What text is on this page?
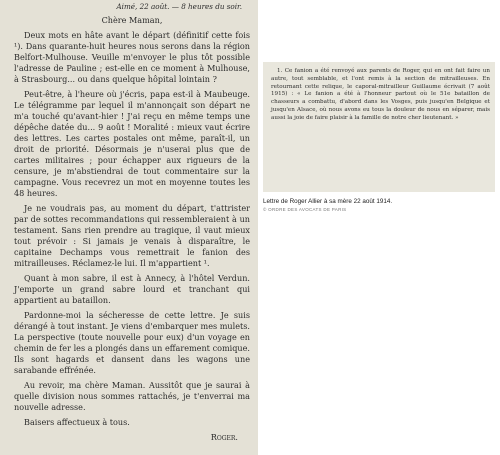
Aimé, 22 août. — 8 heures du soir.
Chère Maman,

Deux mots en hâte avant le départ (définitif cette fois ¹). Dans quarante-huit heures nous serons dans la région Belfort-Mulhouse. Veuille m'envoyer le plus tôt possible l'adresse de Pauline ; est-elle en ce moment à Mulhouse, à Strasbourg... ou dans quelque hôpital lointain ?

Peut-être, à l'heure où j'écris, papa est-il à Maubeuge. Le télégramme par lequel il m'annonçait son départ ne m'a touché qu'avant-hier ! J'ai reçu en même temps une dépêche datée du... 9 août ! Moralité : mieux vaut écrire des lettres. Les cartes postales ont même, paraît-il, un droit de priorité. Désormais je n'userai plus que de cartes militaires ; pour échapper aux rigueurs de la censure, je m'abstiendrai de tout commentaire sur la campagne. Vous recevrez un mot en moyenne toutes les 48 heures.

Je ne voudrais pas, au moment du départ, t'attrister par de sottes recommandations qui ressembleraient à un testament. Sans rien prendre au tragique, il vaut mieux tout prévoir : Si jamais je venais à disparaître, le capitaine Dechamps vous remettrait le fanion des mitrailleuses. Réclamez-le lui. Il m'appartient ¹.

Quant à mon sabre, il est à Annecy, à l'hôtel Verdun. J'emporte un grand sabre lourd et tranchant qui appartient au bataillon.

Pardonne-moi la sécheresse de cette lettre. Je suis dérangé à tout instant. Je viens d'embarquer mes mulets. La perspective (toute nouvelle pour eux) d'un voyage en chemin de fer les a plongés dans un effarement comique. Ils sont hagards et dansent dans les wagons une sarabande effrénée.

Au revoir, ma chère Maman. Aussitôt que je saurai à quelle division nous sommes rattachés, je t'enverrai ma nouvelle adresse.

Baisers affectueux à tous.

Roger.

1. Ce fanion a été renvoyé aux parents de Roger, qui en ont fait faire un autre, tout semblable, et l'ont remis à la section de mitrailleuses. En retournant cette relique, le caporal-mitrailleur Guillaume écrivait (7 août 1915) : « Le fanion a été à l'honneur partout où le 51e bataillon de chasseurs a combattu, d'abord dans les Vosges, puis jusqu'en Belgique et jusqu'en Alsace, où nous avons eu tous la douleur de nous en séparer, mais aussi la joie de faire plaisir à la famille de notre cher lieutenant. »

Lettre de Roger Allier à sa mère 22 août 1914.
© ORDRE DES AVOCATS DE PARIS
